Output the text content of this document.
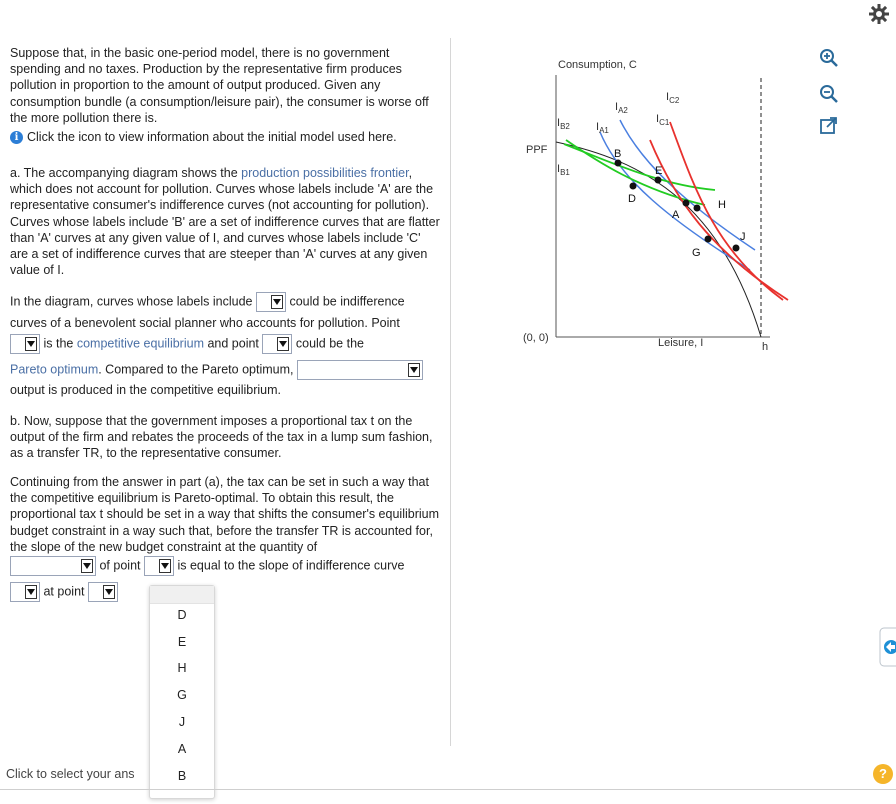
Suppose that, in the basic one-period model, there is no government spending and no taxes. Production by the representative firm produces pollution in proportion to the amount of output produced. Given any consumption bundle (a consumption/leisure pair), the consumer is worse off the more pollution there is.
i Click the icon to view information about the initial model used here.
a. The accompanying diagram shows the production possibilities frontier, which does not account for pollution. Curves whose labels include 'A' are the representative consumer's indifference curves (not accounting for pollution). Curves whose labels include 'B' are a set of indifference curves that are flatter than 'A' curves at any given value of I, and curves whose labels include 'C' are a set of indifference curves that are steeper than 'A' curves at any given value of I.
In the diagram, curves whose labels include	could be indifference
curves of a benevolent social planner who accounts for pollution. Point
is the competitive equilibrium and point	could be the
Pareto optimum. Compared to the Pareto optimum,
output is produced in the competitive equilibrium.
b. Now, suppose that the government imposes a proportional tax t on the output of the firm and rebates the proceeds of the tax in a lump sum fashion, as a transfer TR, to the representative consumer.
Continuing from the answer in part (a), the tax can be set in such a way that the competitive equilibrium is Pareto-optimal. To obtain this result, the proportional tax t should be set in a way that shifts the consumer's equilibrium budget constraint in a way such that, before the transfer TR is accounted for, the slope of the new budget constraint at the quantity of
of point	is equal to the slope of indifference curve
at point
D
E
H
G
J
A
B
Click to select your ans
Consumption, C
Leisure, I
(0, 0)
h
PPF
$I_{A2}$
$I_{A1}$
$I_{B2}$
$I_{B1}$
$I_{C2}$
$I_{C1}$
B
E
D
A
H
G
J
?
